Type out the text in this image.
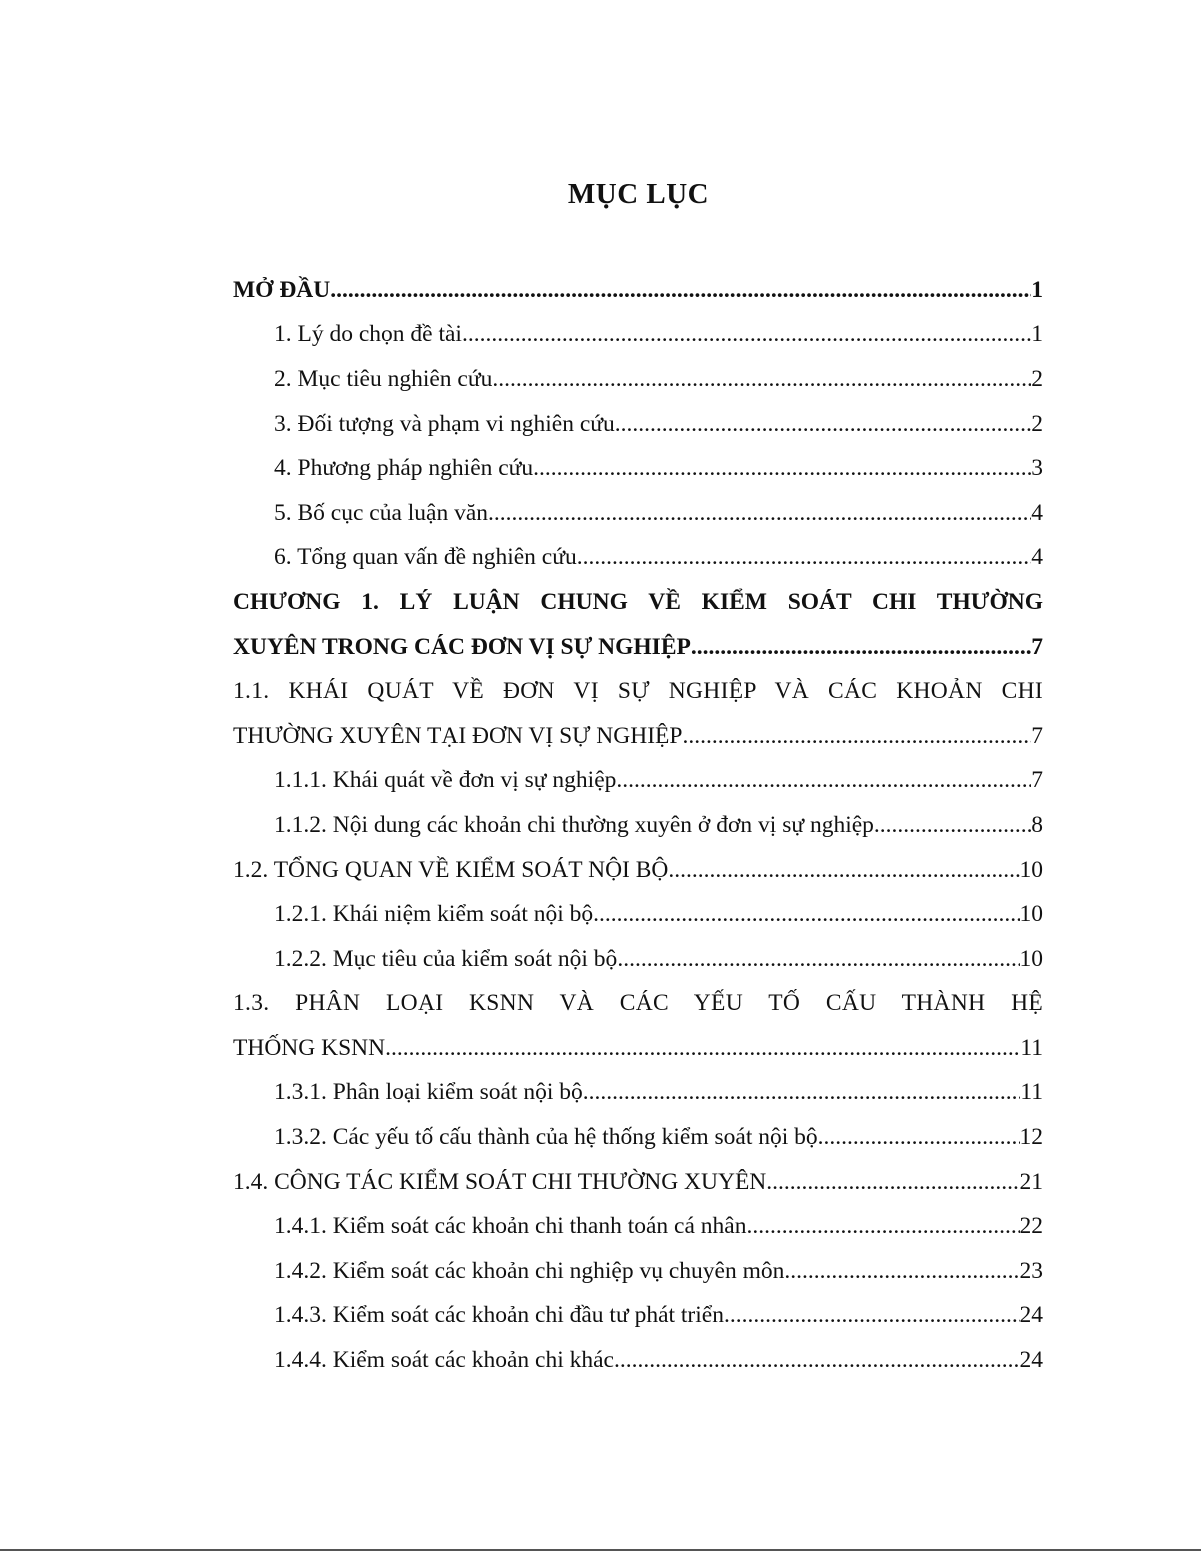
MỤC LỤC
MỞ ĐẦU .....	1
1. Lý do chọn đề tài .....	1
2. Mục tiêu nghiên cứu .....	2
3. Đối tượng và phạm vi nghiên cứu .....	2
4. Phương pháp nghiên cứu .....	3
5. Bố cục của luận văn .....	4
6. Tổng quan vấn đề nghiên cứu .....	4
CHƯƠNG 1. LÝ LUẬN CHUNG VỀ KIỂM SOÁT CHI THƯỜNG
XUYÊN TRONG CÁC ĐƠN VỊ SỰ NGHIỆP .....	7
1.1. KHÁI QUÁT VỀ ĐƠN VỊ SỰ NGHIỆP VÀ CÁC KHOẢN CHI
THƯỜNG XUYÊN TẠI ĐƠN VỊ SỰ NGHIỆP .....	7
1.1.1. Khái quát về đơn vị sự nghiệp .....	7
1.1.2. Nội dung các khoản chi thường xuyên ở đơn vị sự nghiệp .....	8
1.2. TỔNG QUAN VỀ KIỂM SOÁT NỘI BỘ .....	10
1.2.1. Khái niệm kiểm soát nội bộ .....	10
1.2.2. Mục tiêu của kiểm soát nội bộ .....	10
1.3. PHÂN LOẠI KSNN VÀ CÁC YẾU TỐ CẤU THÀNH HỆ
THỐNG KSNN .....	11
1.3.1. Phân loại kiểm soát nội bộ .....	11
1.3.2. Các yếu tố cấu thành của hệ thống kiểm soát nội bộ .....	12
1.4. CÔNG TÁC KIỂM SOÁT CHI THƯỜNG XUYÊN .....	21
1.4.1. Kiểm soát các khoản chi thanh toán cá nhân .....	22
1.4.2. Kiểm soát các khoản chi nghiệp vụ chuyên môn .....	23
1.4.3. Kiểm soát các khoản chi đầu tư phát triển .....	24
1.4.4. Kiểm soát các khoản chi khác .....	24
